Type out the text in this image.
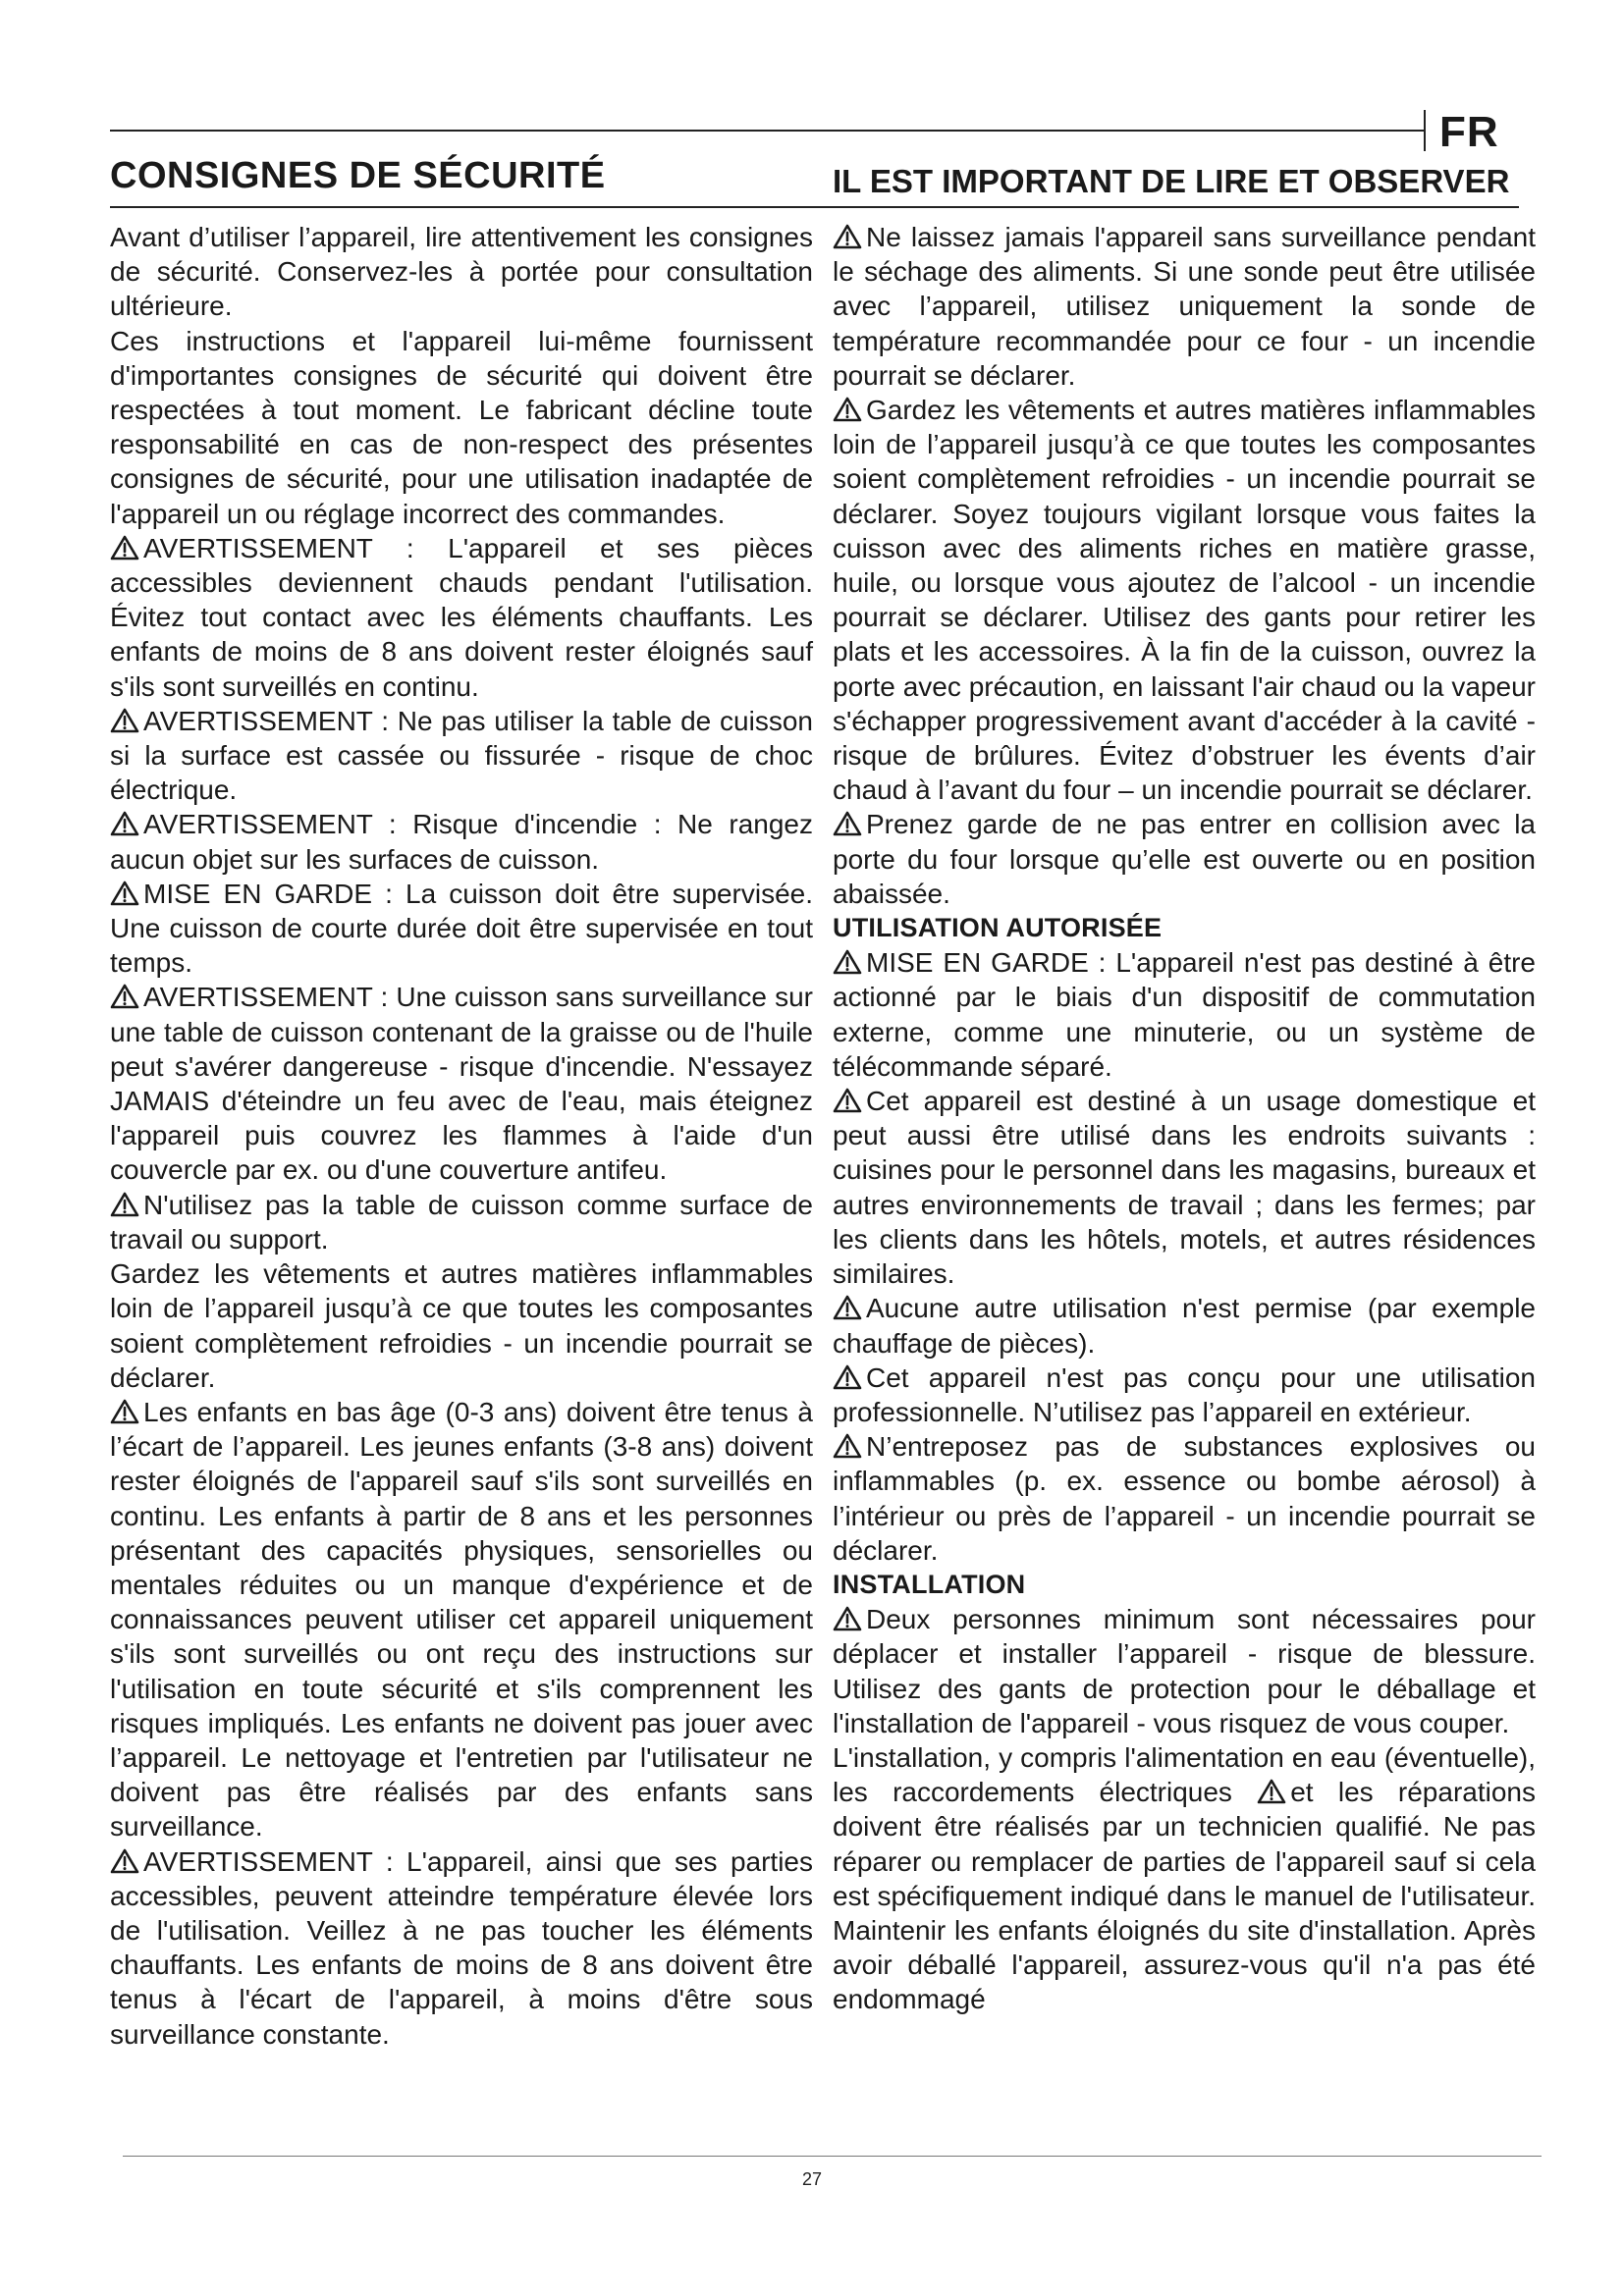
FR
CONSIGNES DE SÉCURITÉ	IL EST IMPORTANT DE LIRE ET OBSERVER

Avant d’utiliser l’appareil, lire attentivement les consignes de sécurité. Conservez-les à portée pour consultation ultérieure.

Ces instructions et l'appareil lui-même fournissent d'importantes consignes de sécurité qui doivent être respectées à tout moment. Le fabricant décline toute responsabilité en cas de non-respect des présentes consignes de sécurité, pour une utilisation inadaptée de l'appareil un ou réglage incorrect des commandes.

AVERTISSEMENT : L'appareil et ses pièces accessibles deviennent chauds pendant l'utilisation. Évitez tout contact avec les éléments chauffants. Les enfants de moins de 8 ans doivent rester éloignés sauf s'ils sont surveillés en continu.

AVERTISSEMENT : Ne pas utiliser la table de cuisson si la surface est cassée ou fissurée - risque de choc électrique.

AVERTISSEMENT : Risque d'incendie : Ne rangez aucun objet sur les surfaces de cuisson.

MISE EN GARDE : La cuisson doit être supervisée. Une cuisson de courte durée doit être supervisée en tout temps.

AVERTISSEMENT : Une cuisson sans surveillance sur une table de cuisson contenant de la graisse ou de l'huile peut s'avérer dangereuse - risque d'incendie. N'essayez JAMAIS d'éteindre un feu avec de l'eau, mais éteignez l'appareil puis couvrez les flammes à l'aide d'un couvercle par ex. ou d'une couverture antifeu.

N'utilisez pas la table de cuisson comme surface de travail ou support.

Gardez les vêtements et autres matières inflammables loin de l’appareil jusqu’à ce que toutes les composantes soient complètement refroidies - un incendie pourrait se déclarer.

Les enfants en bas âge (0-3 ans) doivent être tenus à l’écart de l’appareil. Les jeunes enfants (3-8 ans) doivent rester éloignés de l'appareil sauf s'ils sont surveillés en continu. Les enfants à partir de 8 ans et les personnes présentant des capacités physiques, sensorielles ou mentales réduites ou un manque d'expérience et de connaissances peuvent utiliser cet appareil uniquement s'ils sont surveillés ou ont reçu des instructions sur l'utilisation en toute sécurité et s'ils comprennent les risques impliqués. Les enfants ne doivent pas jouer avec l’appareil. Le nettoyage et l'entretien par l'utilisateur ne doivent pas être réalisés par des enfants sans surveillance.

AVERTISSEMENT : L'appareil, ainsi que ses parties accessibles, peuvent atteindre température élevée lors de l'utilisation. Veillez à ne pas toucher les éléments chauffants. Les enfants de moins de 8 ans doivent être tenus à l'écart de l'appareil, à moins d'être sous surveillance constante.

Ne laissez jamais l'appareil sans surveillance pendant le séchage des aliments. Si une sonde peut être utilisée avec l’appareil, utilisez uniquement la sonde de température recommandée pour ce four - un incendie pourrait se déclarer.

Gardez les vêtements et autres matières inflammables loin de l’appareil jusqu’à ce que toutes les composantes soient complètement refroidies - un incendie pourrait se déclarer. Soyez toujours vigilant lorsque vous faites la cuisson avec des aliments riches en matière grasse, huile, ou lorsque vous ajoutez de l’alcool - un incendie pourrait se déclarer. Utilisez des gants pour retirer les plats et les accessoires. À la fin de la cuisson, ouvrez la porte avec précaution, en laissant l'air chaud ou la vapeur s'échapper progressivement avant d'accéder à la cavité - risque de brûlures. Évitez d’obstruer les évents d’air chaud à l’avant du four – un incendie pourrait se déclarer.

Prenez garde de ne pas entrer en collision avec la porte du four lorsque qu’elle est ouverte ou en position abaissée.

UTILISATION AUTORISÉE

MISE EN GARDE : L'appareil n'est pas destiné à être actionné par le biais d'un dispositif de commutation externe, comme une minuterie, ou un système de télécommande séparé.

Cet appareil est destiné à un usage domestique et peut aussi être utilisé dans les endroits suivants : cuisines pour le personnel dans les magasins, bureaux et autres environnements de travail ; dans les fermes; par les clients dans les hôtels, motels, et autres résidences similaires.

Aucune autre utilisation n'est permise (par exemple chauffage de pièces).

Cet appareil n'est pas conçu pour une utilisation professionnelle. N’utilisez pas l’appareil en extérieur.

N’entreposez pas de substances explosives ou inflammables (p. ex. essence ou bombe aérosol) à l’intérieur ou près de l’appareil - un incendie pourrait se déclarer.

INSTALLATION

Deux personnes minimum sont nécessaires pour déplacer et installer l’appareil - risque de blessure. Utilisez des gants de protection pour le déballage et l'installation de l'appareil - vous risquez de vous couper.

L'installation, y compris l'alimentation en eau (éventuelle), les raccordements électriques et les réparations doivent être réalisés par un technicien qualifié. Ne pas réparer ou remplacer de parties de l'appareil sauf si cela est spécifiquement indiqué dans le manuel de l'utilisateur. Maintenir les enfants éloignés du site d'installation. Après avoir déballé l'appareil, assurez-vous qu'il n'a pas été endommagé

27
